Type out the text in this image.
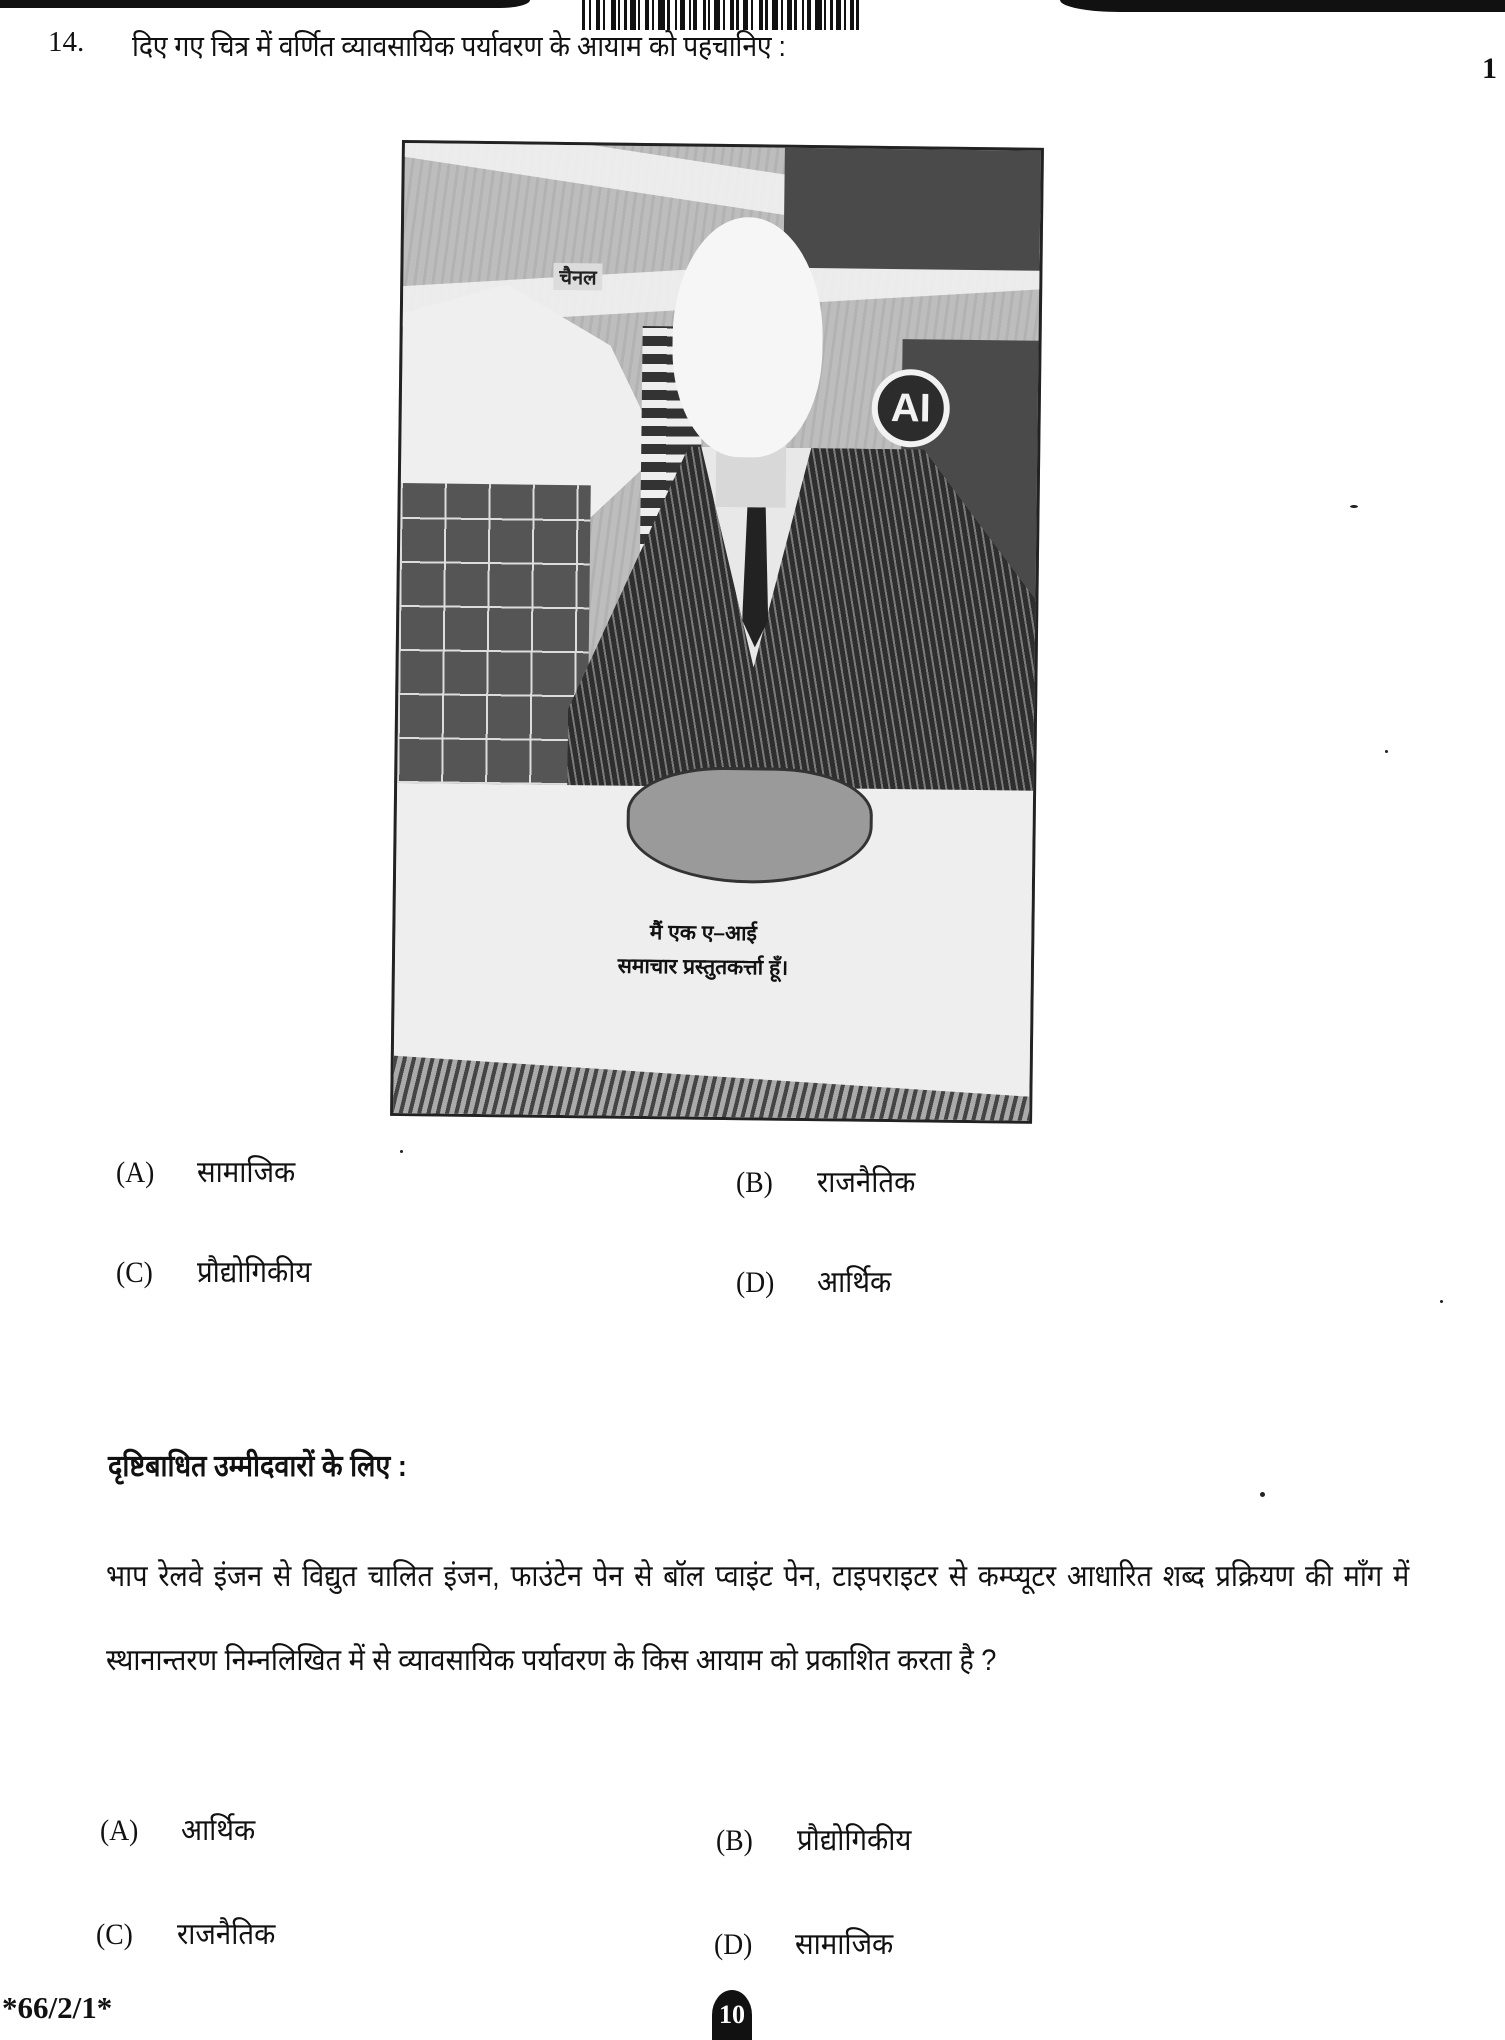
14. दिए गए चित्र में वर्णित व्यावसायिक पर्यावरण के आयाम को पहचानिए :
1
चैनल
AI
मैं एक ए–आई
समाचार प्रस्तुतकर्त्ता हूँ।
(A) सामाजिक	(B) राजनैतिक
(C) प्रौद्योगिकीय	(D) आर्थिक
दृष्टिबाधित उम्मीदवारों के लिए :
भाप रेलवे इंजन से विद्युत चालित इंजन, फाउंटेन पेन से बॉल प्वाइंट पेन, टाइपराइटर से कम्प्यूटर आधारित शब्द प्रक्रियण की माँग में स्थानान्तरण निम्नलिखित में से व्यावसायिक पर्यावरण के किस आयाम को प्रकाशित करता है ?
(A) आर्थिक	(B) प्रौद्योगिकीय
(C) राजनैतिक	(D) सामाजिक
*66/2/1*	10
